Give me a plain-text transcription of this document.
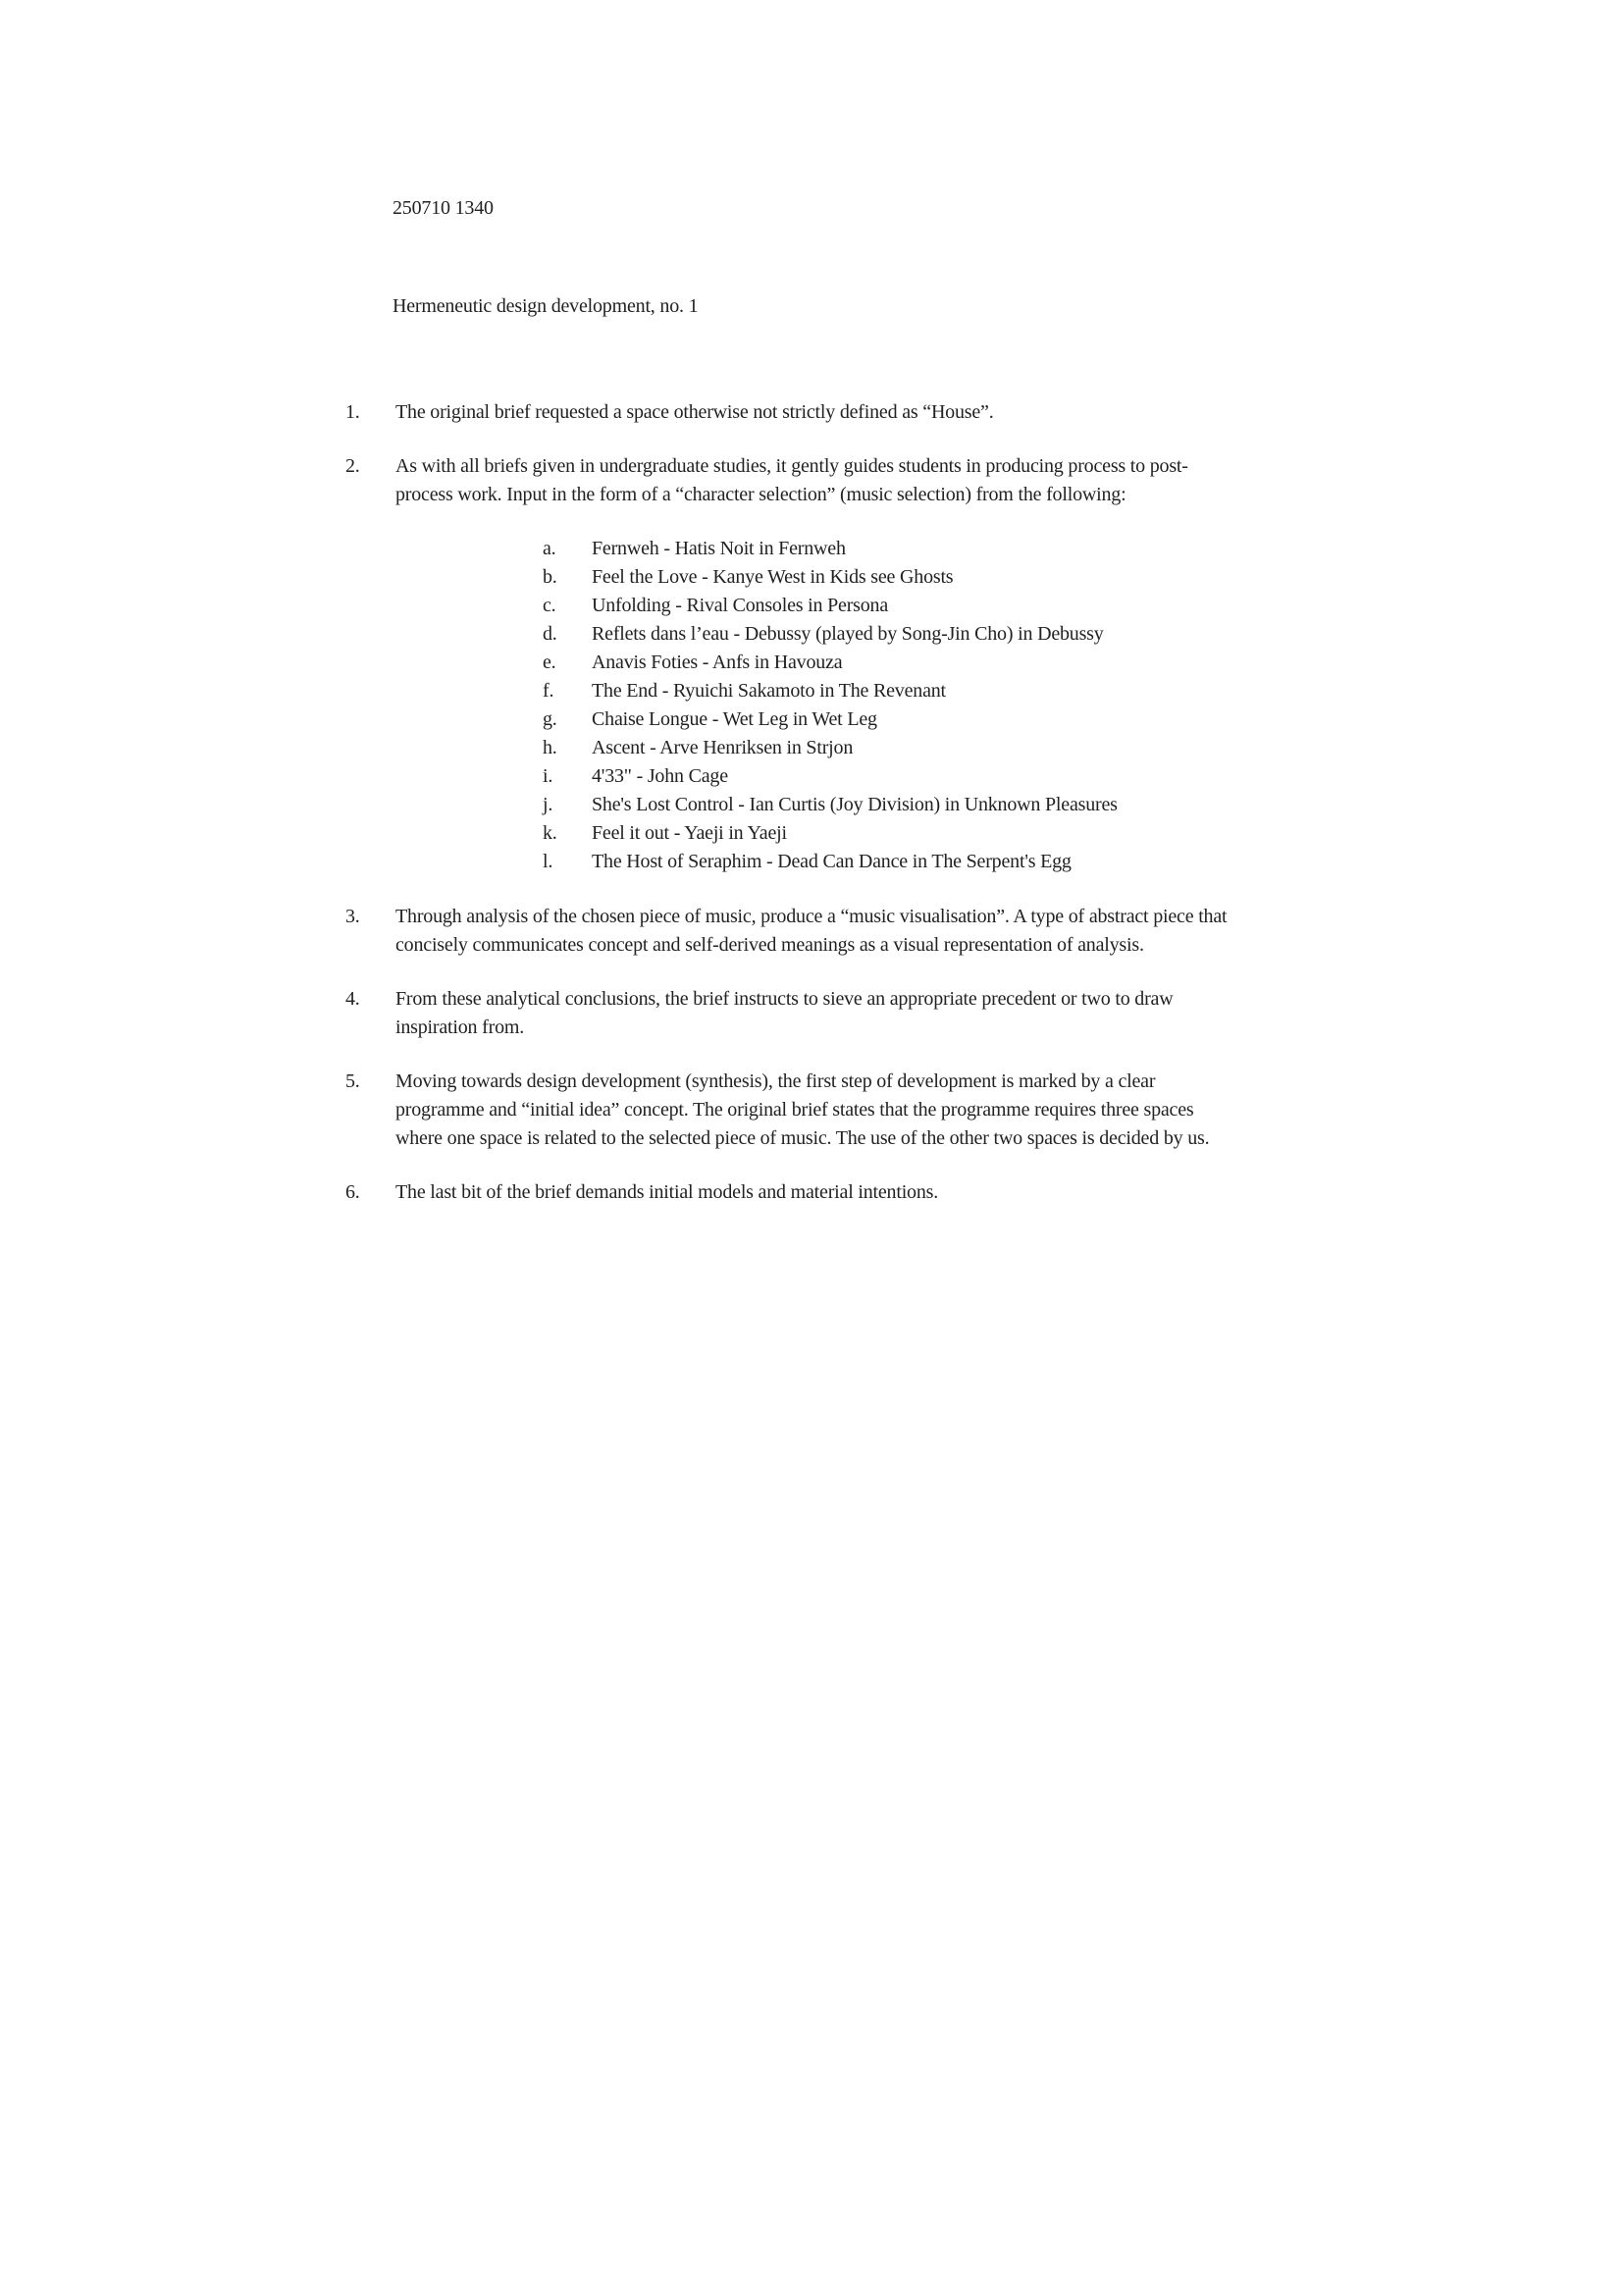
250710 1340
Hermeneutic design development, no. 1
1.	The original brief requested a space otherwise not strictly defined as “House”.
2.	As with all briefs given in undergraduate studies, it gently guides students in producing process to post-process work. Input in the form of a “character selection” (music selection) from the following:
a.	Fernweh - Hatis Noit in Fernweh
b.	Feel the Love - Kanye West in Kids see Ghosts
c.	Unfolding - Rival Consoles in Persona
d.	Reflets dans l’eau - Debussy (played by Song-Jin Cho) in Debussy
e.	Anavis Foties - Anfs in Havouza
f.	The End - Ryuichi Sakamoto in The Revenant
g.	Chaise Longue - Wet Leg in Wet Leg
h.	Ascent - Arve Henriksen in Strjon
i.	4'33" - John Cage
j.	She's Lost Control - Ian Curtis (Joy Division) in Unknown Pleasures
k.	Feel it out - Yaeji in Yaeji
l.	The Host of Seraphim - Dead Can Dance in The Serpent's Egg
3.	Through analysis of the chosen piece of music, produce a “music visualisation”. A type of abstract piece that concisely communicates concept and self-derived meanings as a visual representation of analysis.
4.	From these analytical conclusions, the brief instructs to sieve an appropriate precedent or two to draw inspiration from.
5.	Moving towards design development (synthesis), the first step of development is marked by a clear programme and “initial idea” concept. The original brief states that the programme requires three spaces where one space is related to the selected piece of music. The use of the other two spaces is decided by us.
6.	The last bit of the brief demands initial models and material intentions.
